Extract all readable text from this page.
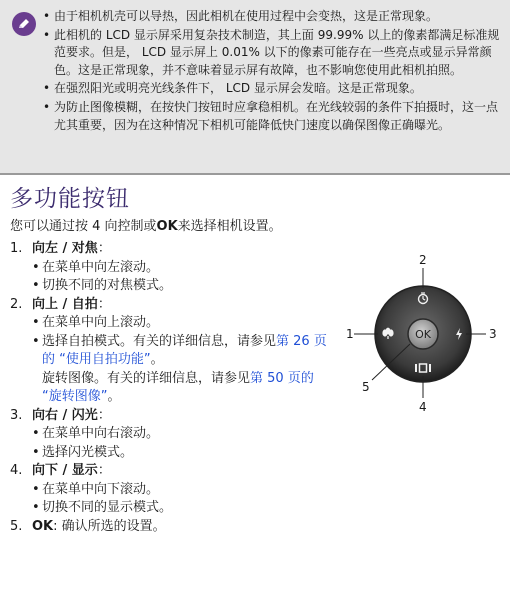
• 由于相机机壳可以导热，因此相机在使用过程中会变热，这是正常现象。
• 此相机的 LCD 显示屏采用复杂技术制造，其上面 99.99% 以上的像素都满足标准规范要求。但是， LCD 显示屏上 0.01% 以下的像素可能存在一些亮点或显示异常颜色。这是正常现象，并不意味着显示屏有故障，也不影响您使用此相机拍照。
• 在强烈阳光或明亮光线条件下， LCD 显示屏会发暗。这是正常现象。
• 为防止图像模糊，在按快门按钮时应拿稳相机。在光线较弱的条件下拍摄时，这一点尤其重要，因为在这种情况下相机可能降低快门速度以确保图像正确曝光。
多功能按钮
您可以通过按 4 向控制或OK来选择相机设置。
1. 向左 / 对焦：
• 在菜单中向左滚动。
• 切换不同的对焦模式。
2. 向上 / 自拍：
• 在菜单中向上滚动。
• 选择自拍模式。有关的详细信息，请参见第 26 页的 “使用自拍功能”。
旋转图像。有关的详细信息，请参见第 50 页的 “旋转图像”。
3. 向右 / 闪光：
• 在菜单中向右滚动。
• 选择闪光模式。
4. 向下 / 显示：
• 在菜单中向下滚动。
• 切换不同的显示模式。
5. OK: 确认所选的设置。
OK
1
2
3
4
5
